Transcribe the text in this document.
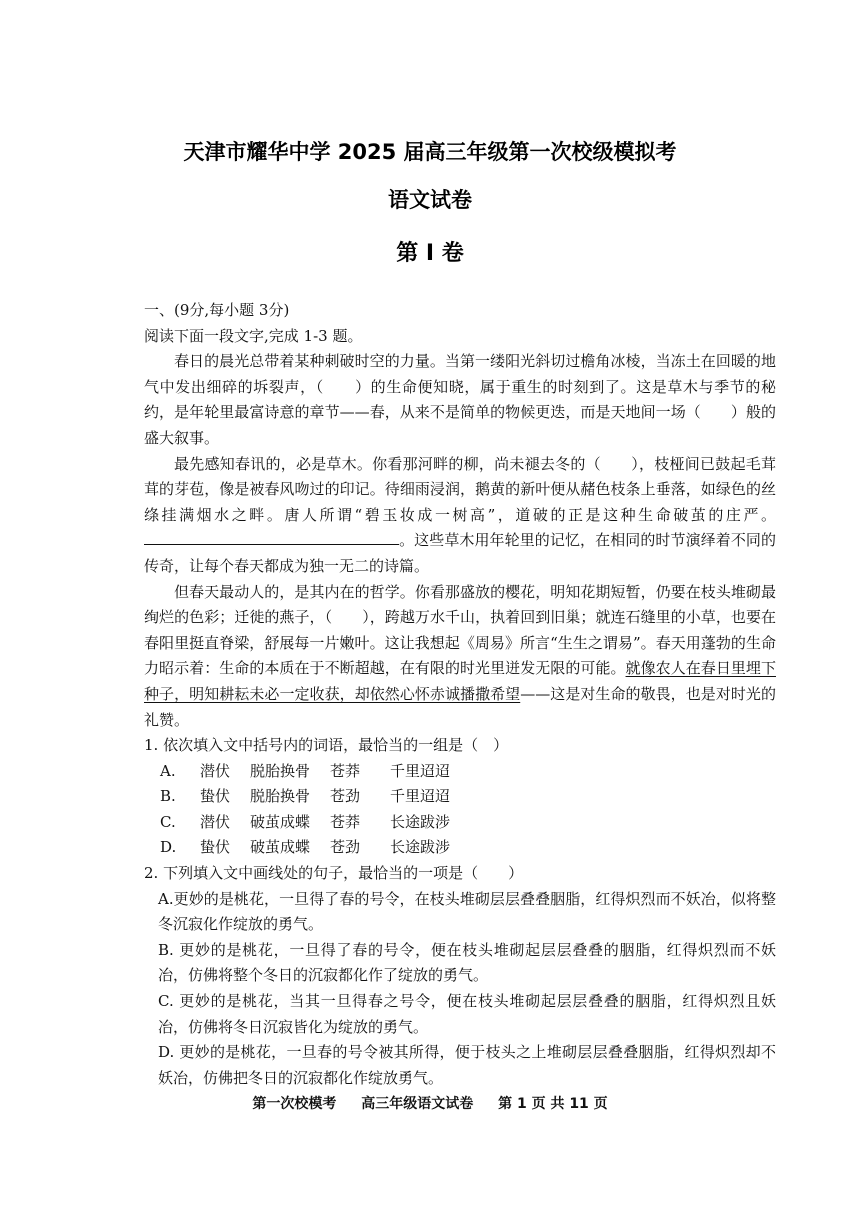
天津市耀华中学 2025 届高三年级第一次校级模拟考
语文试卷
第 I 卷

一、(9分,每小题 3分)

阅读下面一段文字,完成 1-3 题。

春日的晨光总带着某种刺破时空的力量。当第一缕阳光斜切过檐角冰棱，当冻土在回暖的地气中发出细碎的坼裂声，（　　）的生命便知晓，属于重生的时刻到了。这是草木与季节的秘约，是年轮里最富诗意的章节——春，从来不是简单的物候更迭，而是天地间一场（　　）般的盛大叙事。

最先感知春讯的，必是草木。你看那河畔的柳，尚未褪去冬的（　　），枝桠间已鼓起毛茸茸的芽苞，像是被春风吻过的印记。待细雨浸润，鹅黄的新叶便从赭色枝条上垂落，如绿色的丝绦挂满烟水之畔。唐人所谓“碧玉妆成一树高”，道破的正是这种生命破茧的庄严。。这些草木用年轮里的记忆，在相同的时节演绎着不同的传奇，让每个春天都成为独一无二的诗篇。

但春天最动人的，是其内在的哲学。你看那盛放的樱花，明知花期短暂，仍要在枝头堆砌最绚烂的色彩；迁徙的燕子，（　　），跨越万水千山，执着回到旧巢；就连石缝里的小草，也要在春阳里挺直脊梁，舒展每一片嫩叶。这让我想起《周易》所言“生生之谓易”。春天用蓬勃的生命力昭示着：生命的本质在于不断超越，在有限的时光里迸发无限的可能。就像农人在春日里埋下种子，明知耕耘未必一定收获，却依然心怀赤诚播撒希望——这是对生命的敬畏，也是对时光的礼赞。

1. 依次填入文中括号内的词语，最恰当的一组是（　）

A. 潜伏 脱胎换骨 苍莽 千里迢迢
B. 蛰伏 脱胎换骨 苍劲 千里迢迢
C. 潜伏 破茧成蝶 苍莽 长途跋涉
D. 蛰伏 破茧成蝶 苍劲 长途跋涉

2. 下列填入文中画线处的句子，最恰当的一项是（　　）

A.更妙的是桃花，一旦得了春的号令，在枝头堆砌层层叠叠胭脂，红得炽烈而不妖冶，似将整冬沉寂化作绽放的勇气。

B. 更妙的是桃花，一旦得了春的号令，便在枝头堆砌起层层叠叠的胭脂，红得炽烈而不妖冶，仿佛将整个冬日的沉寂都化作了绽放的勇气。

C. 更妙的是桃花，当其一旦得春之号令，便在枝头堆砌起层层叠叠的胭脂，红得炽烈且妖冶，仿佛将冬日沉寂皆化为绽放的勇气。

D. 更妙的是桃花，一旦春的号令被其所得，便于枝头之上堆砌层层叠叠胭脂，红得炽烈却不妖冶，仿佛把冬日的沉寂都化作绽放勇气。

第一次校模考 高三年级语文试卷 第 1 页 共 11 页
